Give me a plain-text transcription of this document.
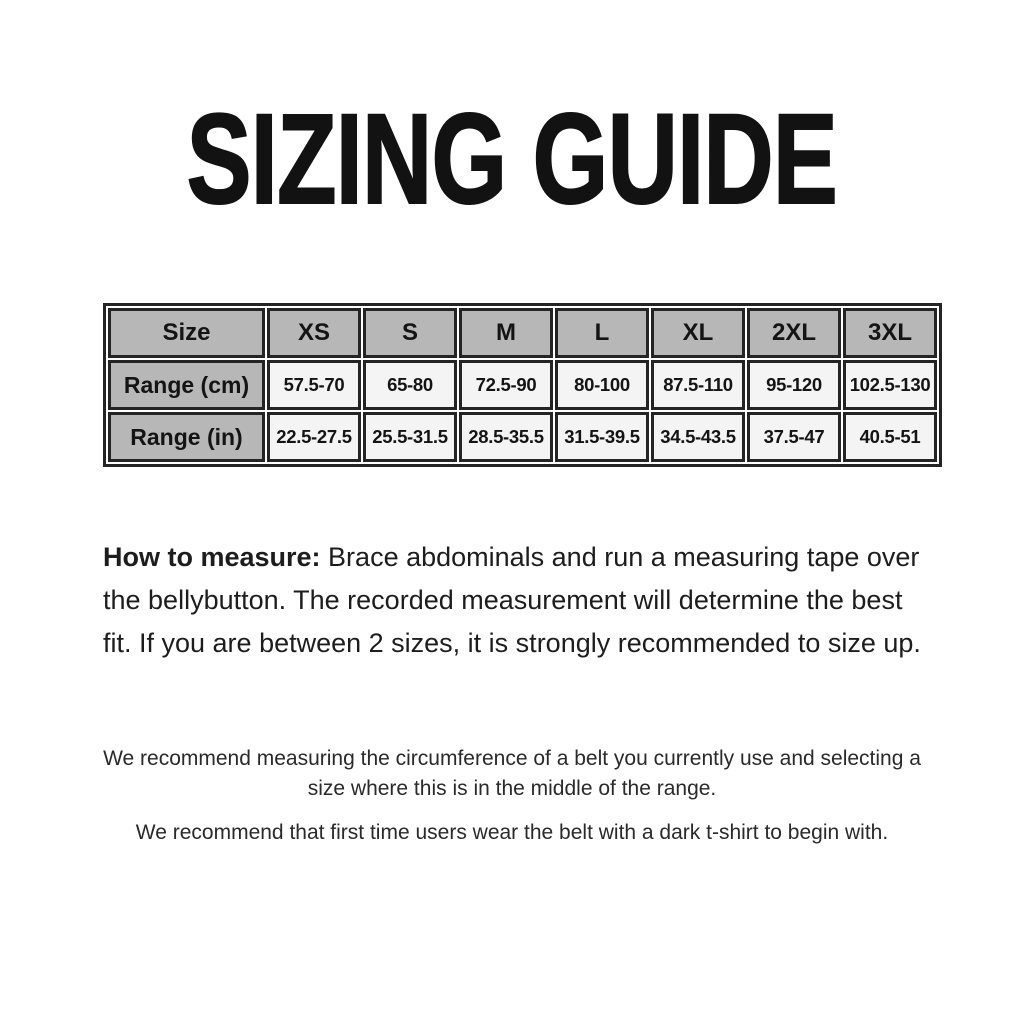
SIZING GUIDE
Size	XS	S	M	L	XL	2XL	3XL
Range (cm)	57.5-70	65-80	72.5-90	80-100	87.5-110	95-120	102.5-130
Range (in)	22.5-27.5	25.5-31.5	28.5-35.5	31.5-39.5	34.5-43.5	37.5-47	40.5-51

How to measure: Brace abdominals and run a measuring tape over the bellybutton. The recorded measurement will determine the best fit. If you are between 2 sizes, it is strongly recommended to size up.

We recommend measuring the circumference of a belt you currently use and selecting a size where this is in the middle of the range.

We recommend that first time users wear the belt with a dark t-shirt to begin with.
